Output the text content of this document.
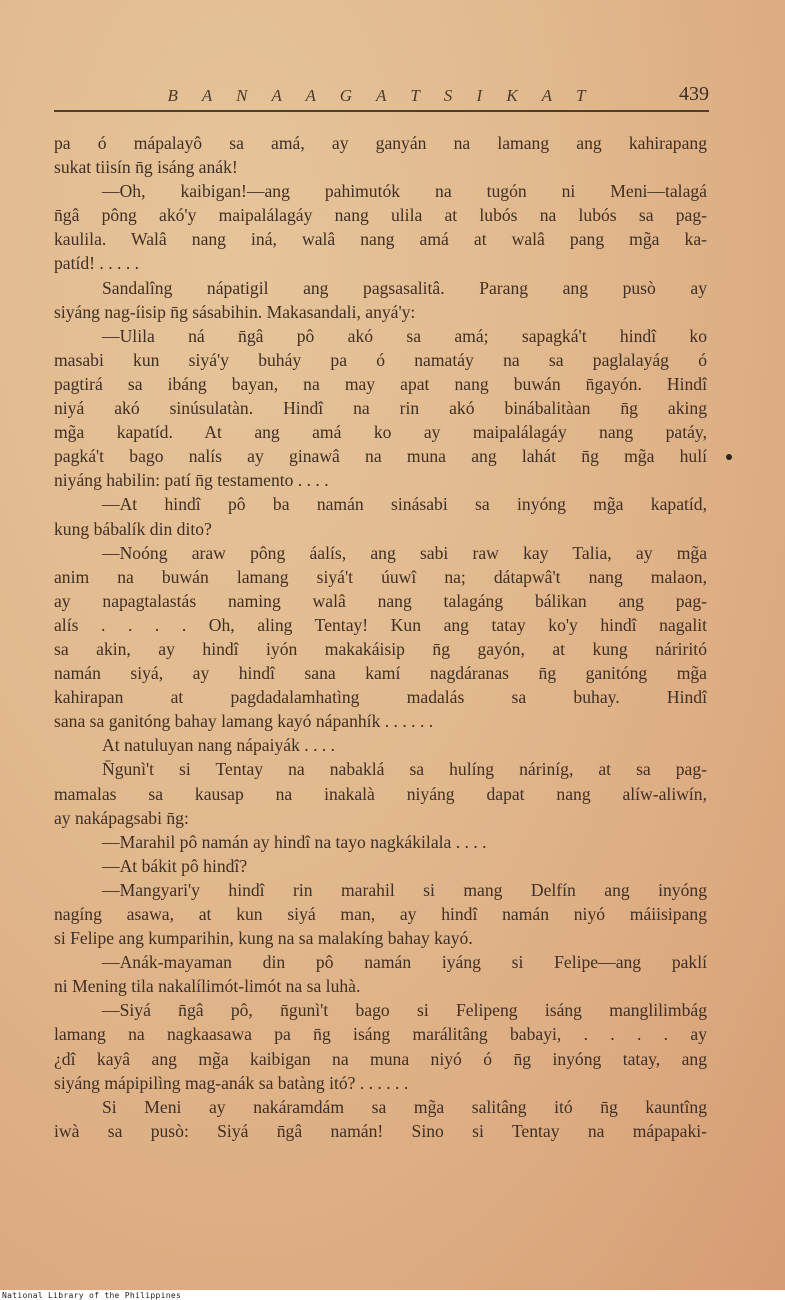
B A N A A G A T S I K A T	439
pa ó mápalayô sa amá, ay ganyán na lamang ang kahirapang
sukat tiisín n̄g isáng anák!
—Oh, kaibigan!—ang pahimutók na tugón ni Meni—talagá
n̄gâ pông akó'y maipalálagáy nang ulila at lubós na lubós sa pag-
kaulila. Walâ nang iná, walâ nang amá at walâ pang mg̃a ka-
patíd! . . . . .
Sandalîng nápatigil ang pagsasalitâ. Parang ang pusò ay
siyáng nag-íisip n̄g sásabihin. Makasandali, anyá'y:
—Ulila ná n̄gâ pô akó sa amá; sapagká't hindî ko
masabi kun siyá'y buháy pa ó namatáy na sa paglalayág ó
pagtirá sa ibáng bayan, na may apat nang buwán n̄gayón. Hindî
niyá akó sinúsulatàn. Hindî na rin akó binábalitàan n̄g aking
mg̃a kapatíd. At ang amá ko ay maipalálagáy nang patáy,
pagká't bago nalís ay ginawâ na muna ang lahát n̄g mg̃a hulí
niyáng habilin: patí n̄g testamento . . . .
—At hindî pô ba namán sinásabi sa inyóng mg̃a kapatíd,
kung bábalík din dito?
—Noóng araw pông áalís, ang sabi raw kay Talia, ay mg̃a
anim na buwán lamang siyá't úuwî na; dátapwâ't nang malaon,
ay napagtalastás naming walâ nang talagáng bálikan ang pag-
alís . . . . Oh, aling Tentay! Kun ang tatay ko'y hindî nagalit
sa akin, ay hindî iyón makakáisip n̄g gayón, at kung náriritó
namán siyá, ay hindî sana kamí nagdáranas n̄g ganitóng mg̃a
kahirapan at pagdadalamhatìng madalás sa buhay. Hindî
sana sa ganitóng bahay lamang kayó nápanhík . . . . . .
At natuluyan nang nápaiyák . . . .
N̄gunì't si Tentay na nabaklá sa hulíng náriníg, at sa pag-
mamalas sa kausap na inakalà niyáng dapat nang alíw-aliwín,
ay nakápagsabi n̄g:
—Marahil pô namán ay hindî na tayo nagkákilala . . . .
—At bákit pô hindî?
—Mangyari'y hindî rin marahil si mang Delfín ang inyóng
nagíng asawa, at kun siyá man, ay hindî namán niyó máiisipang
si Felipe ang kumparihin, kung na sa malakíng bahay kayó.
—Anák-mayaman din pô namán iyáng si Felipe—ang paklí
ni Mening tila nakalílimót-limót na sa luhà.
—Siyá n̄gâ pô, n̄gunì't bago si Felipeng isáng manglilimbág
lamang na nagkaasawa pa n̄g isáng marálitâng babayi, . . . . ay
¿dî kayâ ang mg̃a kaibigan na muna niyó ó n̄g inyóng tatay, ang
siyáng mápipilìng mag-anák sa batàng itó? . . . . . .
Si Meni ay nakáramdám sa mg̃a salitâng itó n̄g kauntîng
iwà sa pusò: Siyá n̄gâ namán! Sino si Tentay na mápapaki-
National Library of the Philippines
